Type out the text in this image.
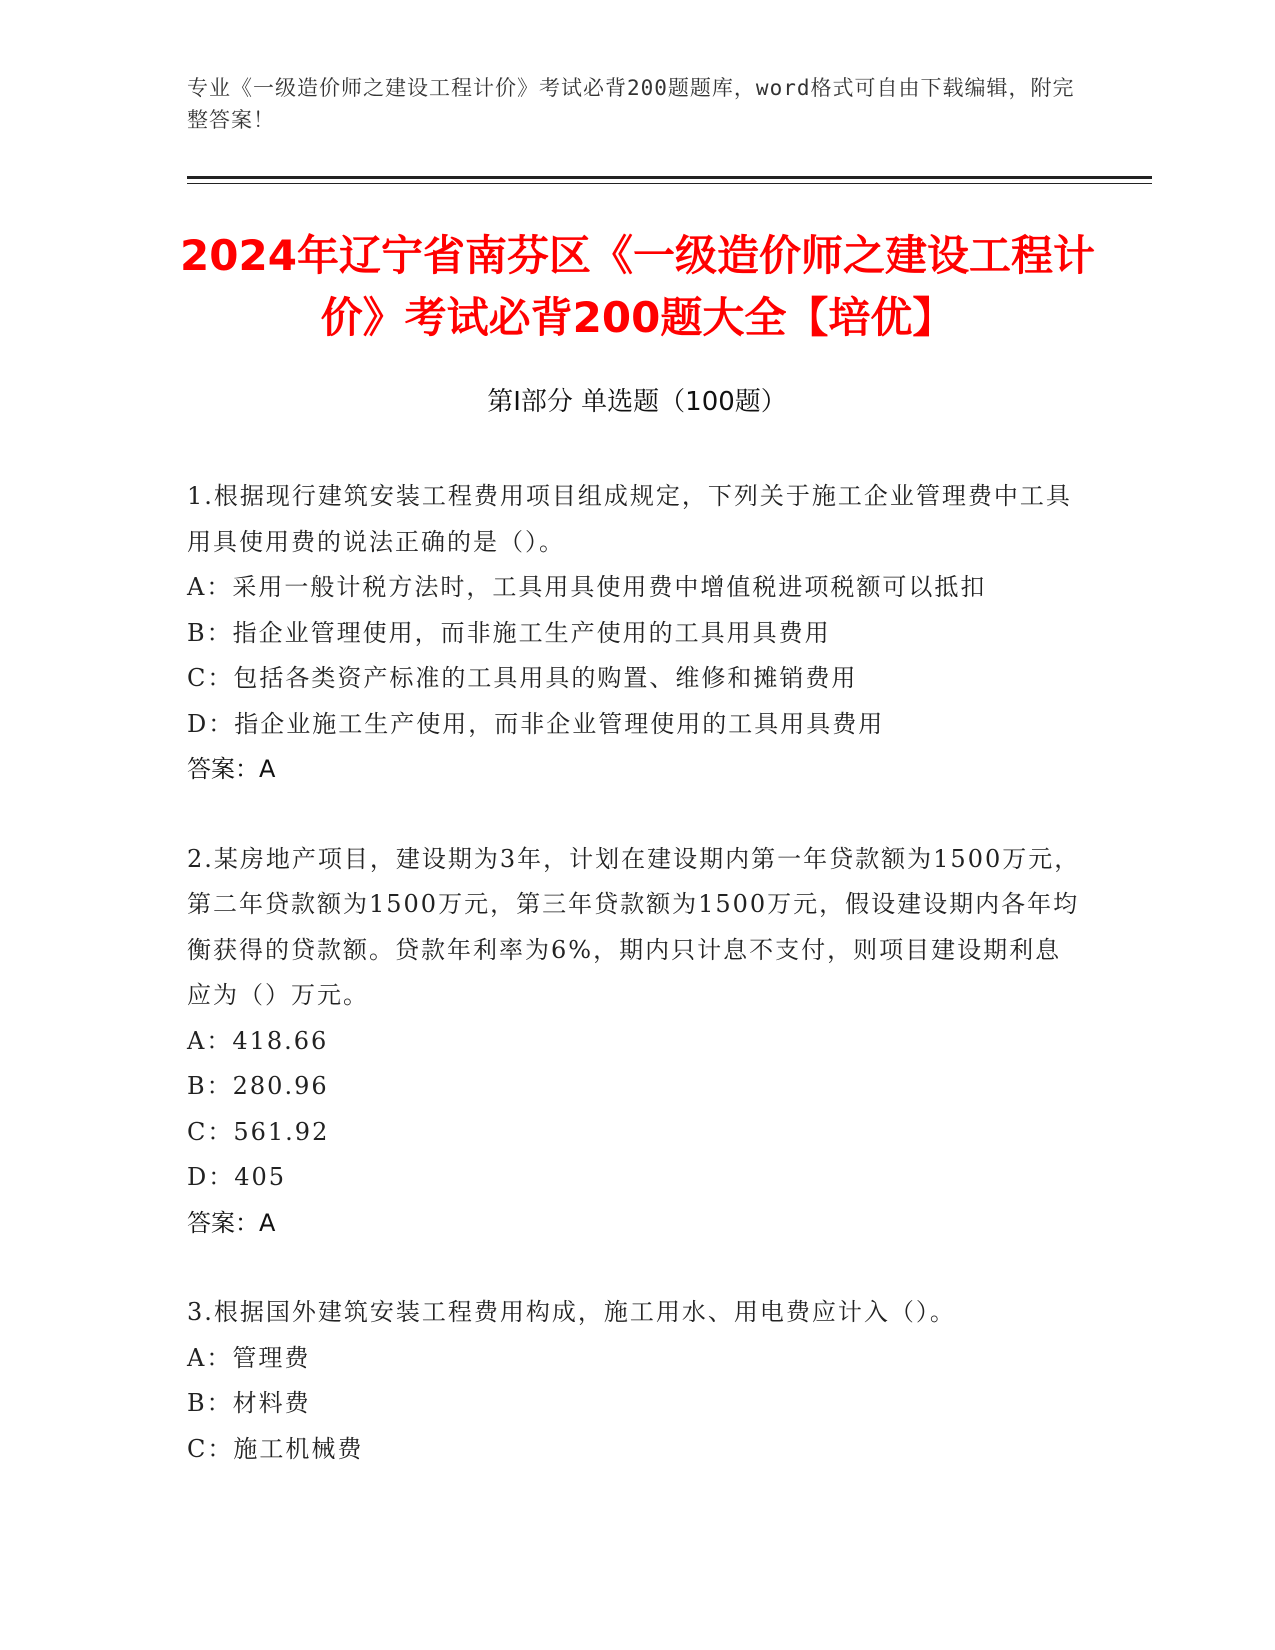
专业《一级造价师之建设工程计价》考试必背200题题库，word格式可自由下载编辑，附完整答案！
2024年辽宁省南芬区《一级造价师之建设工程计价》考试必背200题大全【培优】
第I部分 单选题（100题）
1.根据现行建筑安装工程费用项目组成规定，下列关于施工企业管理费中工具用具使用费的说法正确的是（）。
A：采用一般计税方法时，工具用具使用费中增值税进项税额可以抵扣
B：指企业管理使用，而非施工生产使用的工具用具费用
C：包括各类资产标准的工具用具的购置、维修和摊销费用
D：指企业施工生产使用，而非企业管理使用的工具用具费用
答案：A
2.某房地产项目，建设期为3年，计划在建设期内第一年贷款额为1500万元，第二年贷款额为1500万元，第三年贷款额为1500万元，假设建设期内各年均衡获得的贷款额。贷款年利率为6%，期内只计息不支付，则项目建设期利息应为（）万元。
A：418.66
B：280.96
C：561.92
D：405
答案：A
3.根据国外建筑安装工程费用构成，施工用水、用电费应计入（）。
A：管理费
B：材料费
C：施工机械费
